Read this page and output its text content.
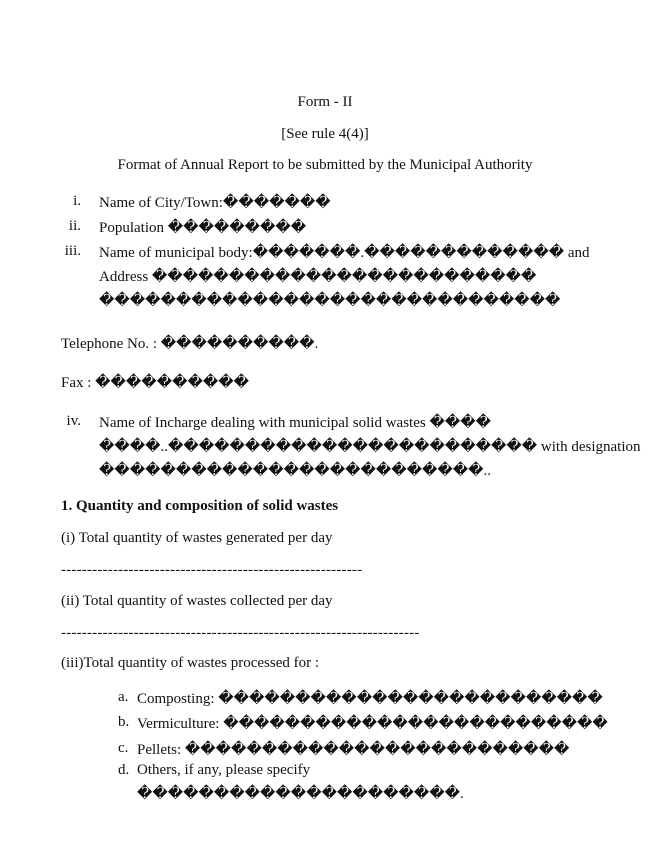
Form - II
[See rule 4(4)]
Format of Annual Report to be submitted by the Municipal Authority
i. Name of City/Town:�������
ii. Population ���������
iii. Name of municipal body:�������.������������� and
Address �������������������������
������������������������������
Telephone No. : ����������.
Fax : ����������
iv. Name of Incharge dealing with municipal solid wastes ����
����..������������������������ with designation
�������������������������..
1. Quantity and composition of solid wastes
(i) Total quantity of wastes generated per day
----------------------------------------------------------
(ii) Total quantity of wastes collected per day
---------------------------------------------------------------------
(iii)Total quantity of wastes processed for :
a. Composting: �������������������������
b. Vermiculture: �������������������������
c. Pellets: �������������������������
d. Others, if any, please specify
���������������������.
